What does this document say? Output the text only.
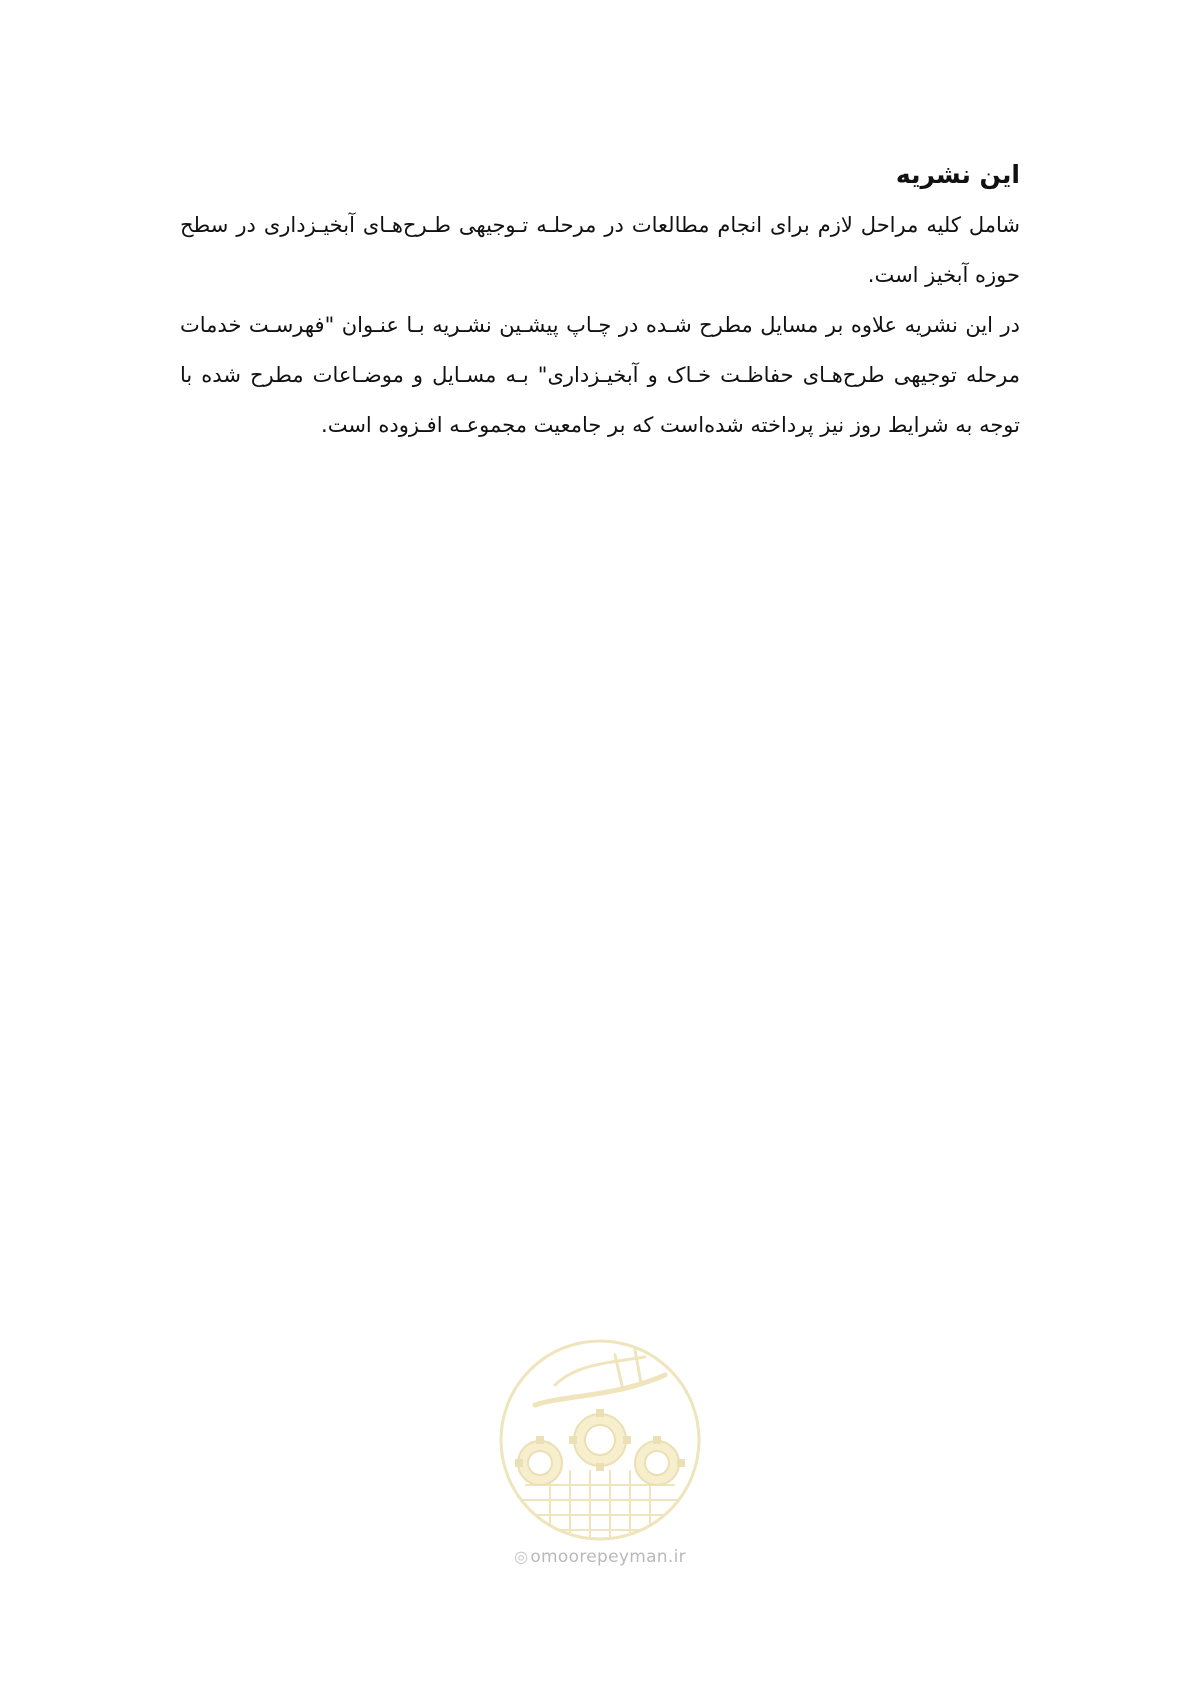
این نشریه

شامل کلیه مراحل لازم برای انجام مطالعات در مرحلـه تـوجیهی طـرح‌هـای آبخیـزداری در سطح حوزه آبخیز است.

در این نشریه علاوه بر مسایل مطرح شـده در چـاپ پیشـین نشـریه بـا عنـوان "فهرسـت خدمات مرحله توجیهی طرح‌هـای حفاظـت خـاک و آبخیـزداری" بـه مسـایل و موضـاعات مطرح شده با توجه به شرایط روز نیز پرداخته شده‌است که بر جامعیت مجموعـه افـزوده است.

◎ omoorepeyman.ir
